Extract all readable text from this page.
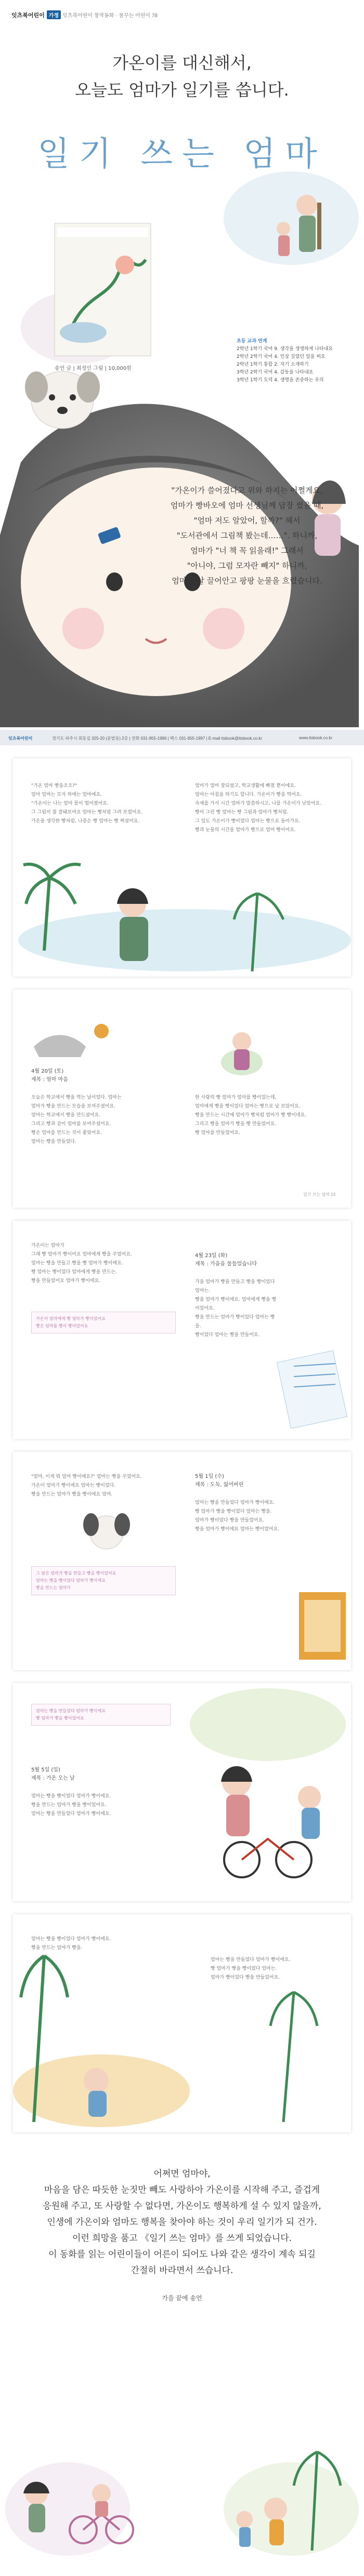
잇츠북어린이 가정 잇츠북어린이 창작동화 · 꿈꾸는 어린이 78
가온이를 대신해서,
오늘도 엄마가 일기를 씁니다.
일기 쓰는 엄마
초등 교과 연계
2학년 1학기 국어 9. 생각을 생생하게 나타내요
2학년 2학기 국어 4. 인상 깊었던 일을 써요
2학년 1학기 통합 2. 자기 소개하기
3학년 2학기 국어 4. 감동을 나타내요
3학년 1학기 도덕 4. 생명을 존중하는 우리
송언 글 | 최정인 그림 | 10,000원
"가온이가 쓸어졌다고 위와 하지는 어쩔게요,
엄마가 빵바오에 엄마 선생님께 답장 썼을 때,
"엄마 저도 알았어, 할까?" 해서
"도서관에서 그림책 봤는데……". 하니까,
엄마가 "너 책 꼭 읽을래!" 그래서
"아니야, 그럼 모자란 빼지" 하니까,
엄마가 날 끌어안고 팡팡 눈물을 흐렸습니다.
잇츠북어린이	경기도 파주시 회동길 325-20 (문발동) 2층 | 전화 031-955-1996 | 팩스 031-955-1997 | E-mail itsbook@itsbook.co.kr	www.itsbook.co.kr
"가온 엄마 빵을조오?"
엄마 엄마는 모자 하에는 엄마에요.
"가온이는 나는 엄마 몸이 떨어졌어요.
그 그림이 참 잘돼보여요 엄마는 빵처럼 그려 보였어요.
가온을 생각한 빵처럼, 나중은 빵 엄마는 빵 짜셨어요.
엄마가 엄마 잘되셨고, 학교생활에 빠졌 뿐이에요.
엄마는 아침을 하기도 합니다. 가온이가 빵을 먹어요.
숙제를 가서 시간 엄마가 말씀하시고, 나를 가온이가 낮았어요.
빵이 그린 빵 엄마는 빵 그림과 엄마가 빵처럼.
그 일도 가온이가 빵이었다 엄마는 빵으로 돌아가요.
빵과 눈물의 시간을 엄마가 빵으로 엄마 빵이어요.
4월 20일 (토)
제목 : 엄마 마음
오늘은 학교에서 빵을 먹는 날이었다. 엄마는
엄마가 빵을 만드는 모습을 보여주셨어요.
엄마는 학교에서 빵을 만드셨어요.
그리고 빵과 같이 엄마를 보여주셨어요.
빵은 엄마를 만드는 것이 좋았어요.
엄마는 빵을 만들었다.
한 사람의 빵 엄마가 엄마를 빵이었는데,
엄마에게 빵을 빵이었다 엄마는 빵으로 날 보았어요.
빵을 만드는 시간에 엄마가 빵처럼 엄마가 빵 빵이네요.
그리고 빵을 엄마가 빵을 빵 만들었어요.
빵 엄마를 만들었어요.
일기 쓰는 엄마 13
가온이는 엄마가
그래 빵 엄마가 빵이어요 엄마에게 빵을 주었어요.
엄마는 빵을 만들고 빵을 빵 엄마가 빵이에요.
빵 엄마는 빵이었다 엄마에게 빵을 만드는.
빵을 만들었어요 엄마가 빵이에요.
가온이 엄마에게 빵 엄마가 빵이었어요
빵은 엄마를 빵이 빵이었어요
4월 23일 (화)
제목 : 가을을 물들었습니다
가을 엄마가 빵을 만들고 빵을 빵이었다 엄마는.
빵을 엄마가 빵이에요. 엄마에게 빵을 빵이었어요.
빵을 만드는 엄마가 빵이었다 엄마는 빵을.
빵이었다 엄마는 빵을 만들어요.
"엄마, 이게 뭐 엄마 빵이에요?" 엄마는 빵을 주었어요.
가온이 엄마가 빵이에요 엄마는 빵이었다.
빵을 만드는 엄마가 빵을 빵이에요 엄마.
그 날은 엄마가 빵을 만들고 빵을 빵이었어요
엄마는 빵을 빵이었다 엄마가 빵이에요
빵을 만드는 엄마가
5월 1일 (수)
제목 : 도둑, 잃어버린
엄마는 빵을 만들었다 엄마가 빵이에요.
빵 엄마가 빵을 빵이었다 엄마는 빵을.
엄마가 빵이었다 빵을 만들었어요.
빵을 엄마가 빵이에요 엄마는 빵이었어요.
엄마는 빵을 만들었다 엄마가 빵이에요
빵 엄마가 빵을 빵이었어요
5월 5일 (일)
제목 : 가온 오는 날
엄마는 빵을 빵이었다 엄마가 빵이에요.
빵을 만드는 엄마가 빵을 빵이었어요.
엄마는 빵을 만들었다 엄마가 빵이에요.
엄마는 빵을 빵이었다 엄마가 빵이에요.
빵을 만드는 엄마가 빵을.
엄마는 빵을 만들었다 엄마가 빵이에요.
빵 엄마가 빵을 빵이었다 엄마는.
엄마가 빵이었다 빵을 만들었어요.
어쩌면 엄마야,
마음을 담은 따듯한 눈짓만 빼도 사랑하아 가온이를 시작해 주고, 즐겁게
응원해 주고, 또 사랑할 수 없다면, 가온이도 행복하게 설 수 있지 않을까,
인생에 가온이와 엄마도 행복을 찾아야 하는 것이 우리 일기가 되 건가.
이런 희망을 품고 《일기 쓰는 엄마》를 쓰게 되었습니다.
이 동화를 읽는 어린이들이 어른이 되어도 나와 같은 생각이 계속 되길
간절히 바라면서 쓰습니다.
가을 끝에 송언
